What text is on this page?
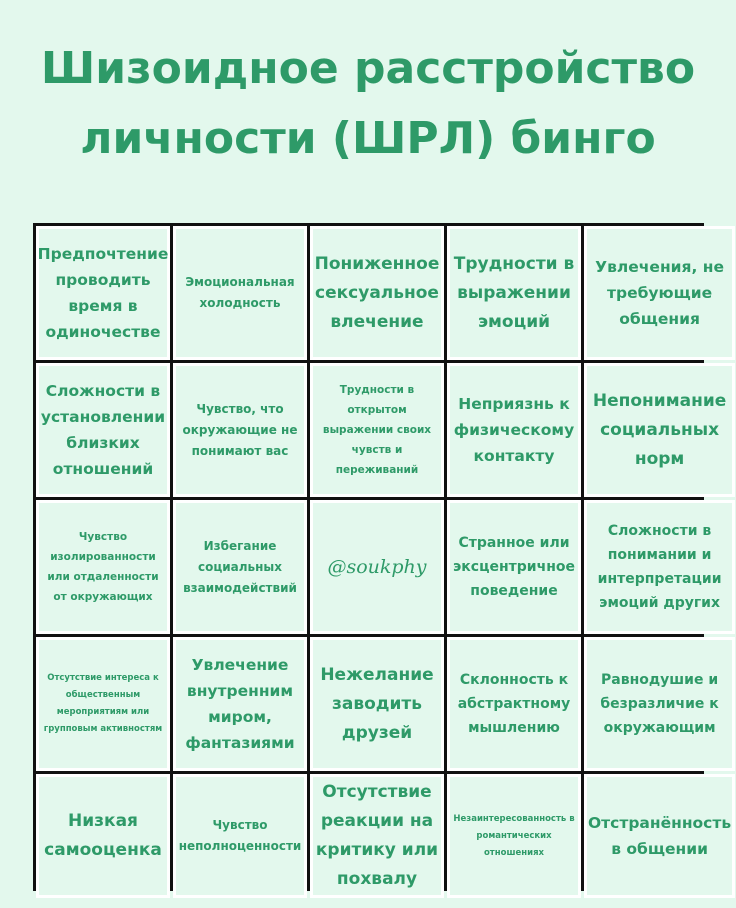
Шизоидное расстройство
личности (ШРЛ) бинго
Предпочтение проводить время в одиночестве
Эмоциональная холодность
Пониженное сексуальное влечение
Трудности в выражении эмоций
Увлечения, не требующие общения
Сложности в установлении близких отношений
Чувство, что окружающие не понимают вас
Трудности в открытом выражении своих чувств и переживаний
Неприязнь к физическому контакту
Непонимание социальных норм
Чувство изолированности или отдаленности от окружающих
Избегание социальных взаимодействий
@soukphy
Странное или эксцентричное поведение
Сложности в понимании и интерпретации эмоций других
Отсутствие интереса к общественным мероприятиям или групповым активностям
Увлечение внутренним миром, фантазиями
Нежелание заводить друзей
Склонность к абстрактному мышлению
Равнодушие и безразличие к окружающим
Низкая самооценка
Чувство неполноценности
Отсутствие реакции на критику или похвалу
Незаинтересованность в романтических отношениях
Отстранённость в общении
